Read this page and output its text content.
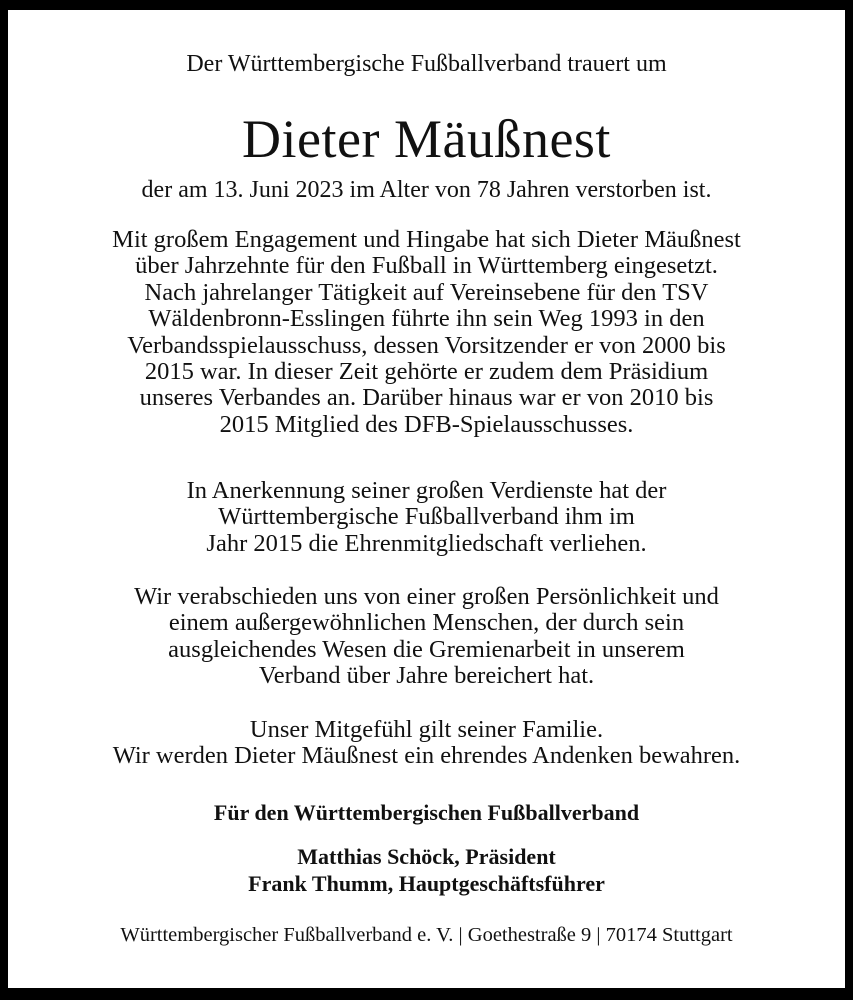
Der Württembergische Fußballverband trauert um
Dieter Mäußnest
der am 13. Juni 2023 im Alter von 78 Jahren verstorben ist.
Mit großem Engagement und Hingabe hat sich Dieter Mäußnest
über Jahrzehnte für den Fußball in Württemberg eingesetzt.
Nach jahrelanger Tätigkeit auf Vereinsebene für den TSV
Wäldenbronn-Esslingen führte ihn sein Weg 1993 in den
Verbandsspielausschuss, dessen Vorsitzender er von 2000 bis
2015 war. In dieser Zeit gehörte er zudem dem Präsidium
unseres Verbandes an. Darüber hinaus war er von 2010 bis
2015 Mitglied des DFB-Spielausschusses.
In Anerkennung seiner großen Verdienste hat der
Württembergische Fußballverband ihm im
Jahr 2015 die Ehrenmitgliedschaft verliehen.
Wir verabschieden uns von einer großen Persönlichkeit und
einem außergewöhnlichen Menschen, der durch sein
ausgleichendes Wesen die Gremienarbeit in unserem
Verband über Jahre bereichert hat.
Unser Mitgefühl gilt seiner Familie.
Wir werden Dieter Mäußnest ein ehrendes Andenken bewahren.
Für den Württembergischen Fußballverband
Matthias Schöck, Präsident
Frank Thumm, Hauptgeschäftsführer
Württembergischer Fußballverband e. V. | Goethestraße 9 | 70174 Stuttgart
